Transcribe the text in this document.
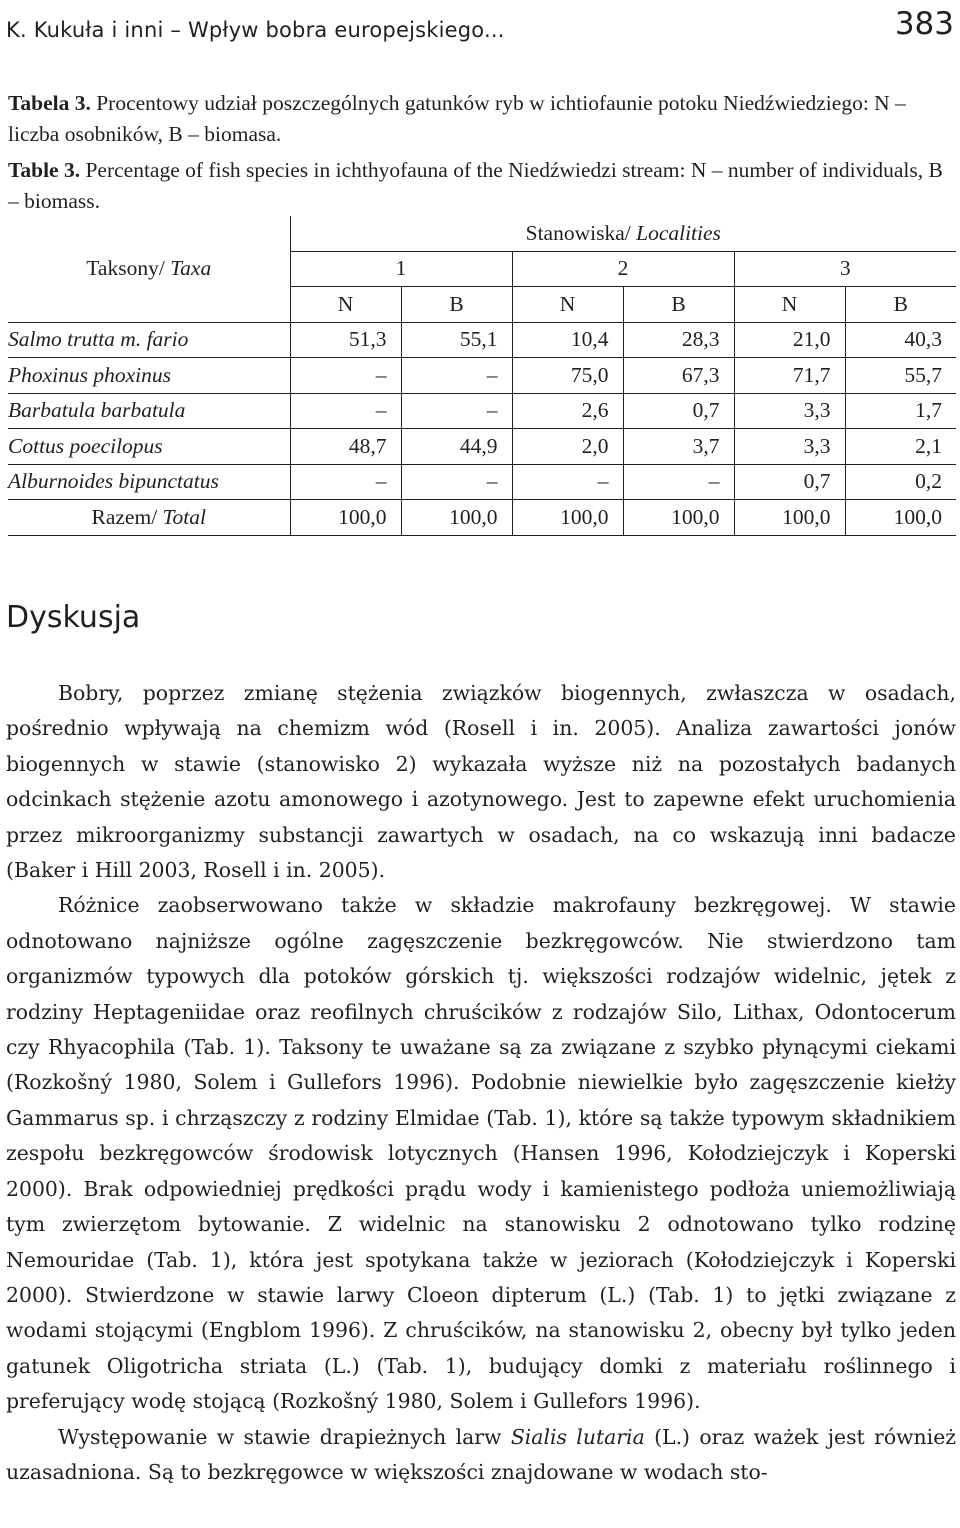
K. Kukuła i inni – Wpływ bobra europejskiego...	383
Tabela 3. Procentowy udział poszczególnych gatunków ryb w ichtiofaunie potoku Niedźwiedziego: N – liczba osobników, B – biomasa.
Table 3. Percentage of fish species in ichthyofauna of the Niedźwiedzi stream: N – number of individuals, B – biomass.
	Stanowiska/ Localities					
Taksony/ Taxa	1		2		3	
	N	B	N	B	N	B
Salmo trutta m. fario	51,3	55,1	10,4	28,3	21,0	40,3
Phoxinus phoxinus	–	–	75,0	67,3	71,7	55,7
Barbatula barbatula	–	–	2,6	0,7	3,3	1,7
Cottus poecilopus	48,7	44,9	2,0	3,7	3,3	2,1
Alburnoides bipunctatus	–	–	–	–	0,7	0,2
Razem/ Total	100,0	100,0	100,0	100,0	100,0	100,0
Dyskusja

Bobry, poprzez zmianę stężenia związków biogennych, zwłaszcza w osadach, pośrednio wpływają na chemizm wód (Rosell i in. 2005). Analiza zawartości jonów biogennych w stawie (stanowisko 2) wykazała wyższe niż na pozostałych badanych odcinkach stężenie azotu amonowego i azotynowego. Jest to zapewne efekt uruchomienia przez mikroorganizmy substancji zawartych w osadach, na co wskazują inni badacze (Baker i Hill 2003, Rosell i in. 2005).

Różnice zaobserwowano także w składzie makrofauny bezkręgowej. W stawie odnotowano najniższe ogólne zagęszczenie bezkręgowców. Nie stwierdzono tam organizmów typowych dla potoków górskich tj. większości rodzajów widelnic, jętek z rodziny Heptageniidae oraz reofilnych chruścików z rodzajów Silo, Lithax, Odontocerum czy Rhyacophila (Tab. 1). Taksony te uważane są za związane z szybko płynącymi ciekami (Rozkošný 1980, Solem i Gullefors 1996). Podobnie niewielkie było zagęszczenie kiełży Gammarus sp. i chrząszczy z rodziny Elmidae (Tab. 1), które są także typowym składnikiem zespołu bezkręgowców środowisk lotycznych (Hansen 1996, Kołodziejczyk i Koperski 2000). Brak odpowiedniej prędkości prądu wody i kamienistego podłoża uniemożliwiają tym zwierzętom bytowanie. Z widelnic na stanowisku 2 odnotowano tylko rodzinę Nemouridae (Tab. 1), która jest spotykana także w jeziorach (Kołodziejczyk i Koperski 2000). Stwierdzone w stawie larwy Cloeon dipterum (L.) (Tab. 1) to jętki związane z wodami stojącymi (Engblom 1996). Z chruścików, na stanowisku 2, obecny był tylko jeden gatunek Oligotricha striata (L.) (Tab. 1), budujący domki z materiału roślinnego i preferujący wodę stojącą (Rozkošný 1980, Solem i Gullefors 1996).

Występowanie w stawie drapieżnych larw Sialis lutaria (L.) oraz ważek jest również uzasadniona. Są to bezkręgowce w większości znajdowane w wodach sto-
